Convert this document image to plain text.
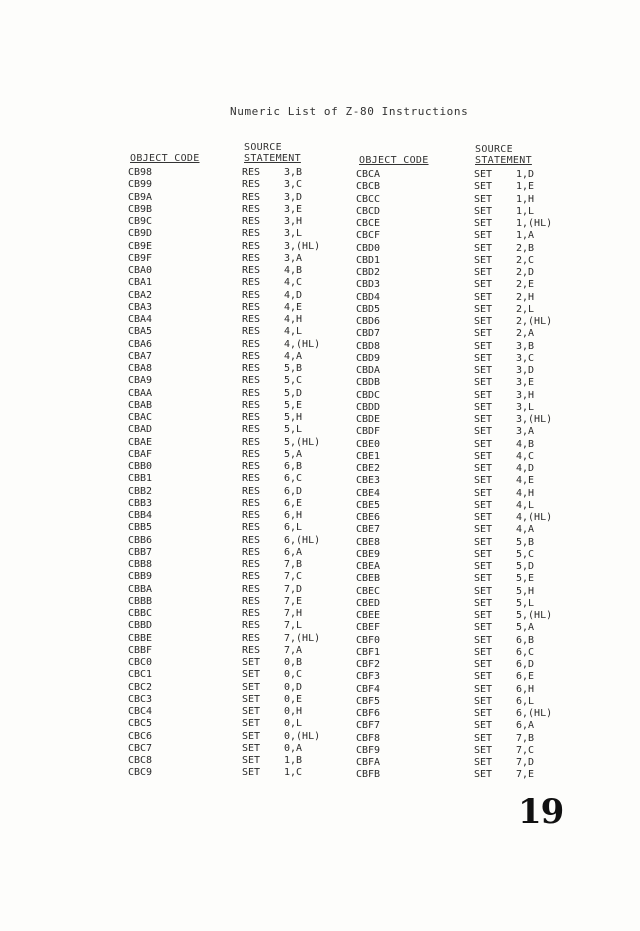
Numeric List of Z-80 Instructions
SOURCE
STATEMENT
OBJECT CODE
SOURCE
STATEMENT
OBJECT CODE
CB98	RES 3,B
CB99	RES 3,C
CB9A	RES 3,D
CB9B	RES 3,E
CB9C	RES 3,H
CB9D	RES 3,L
CB9E	RES 3,(HL)
CB9F	RES 3,A
CBA0	RES 4,B
CBA1	RES 4,C
CBA2	RES 4,D
CBA3	RES 4,E
CBA4	RES 4,H
CBA5	RES 4,L
CBA6	RES 4,(HL)
CBA7	RES 4,A
CBA8	RES 5,B
CBA9	RES 5,C
CBAA	RES 5,D
CBAB	RES 5,E
CBAC	RES 5,H
CBAD	RES 5,L
CBAE	RES 5,(HL)
CBAF	RES 5,A
CBB0	RES 6,B
CBB1	RES 6,C
CBB2	RES 6,D
CBB3	RES 6,E
CBB4	RES 6,H
CBB5	RES 6,L
CBB6	RES 6,(HL)
CBB7	RES 6,A
CBB8	RES 7,B
CBB9	RES 7,C
CBBA	RES 7,D
CBBB	RES 7,E
CBBC	RES 7,H
CBBD	RES 7,L
CBBE	RES 7,(HL)
CBBF	RES 7,A
CBC0	SET 0,B
CBC1	SET 0,C
CBC2	SET 0,D
CBC3	SET 0,E
CBC4	SET 0,H
CBC5	SET 0,L
CBC6	SET 0,(HL)
CBC7	SET 0,A
CBC8	SET 1,B
CBC9	SET 1,C
CBCA	SET 1,D
CBCB	SET 1,E
CBCC	SET 1,H
CBCD	SET 1,L
CBCE	SET 1,(HL)
CBCF	SET 1,A
CBD0	SET 2,B
CBD1	SET 2,C
CBD2	SET 2,D
CBD3	SET 2,E
CBD4	SET 2,H
CBD5	SET 2,L
CBD6	SET 2,(HL)
CBD7	SET 2,A
CBD8	SET 3,B
CBD9	SET 3,C
CBDA	SET 3,D
CBDB	SET 3,E
CBDC	SET 3,H
CBDD	SET 3,L
CBDE	SET 3,(HL)
CBDF	SET 3,A
CBE0	SET 4,B
CBE1	SET 4,C
CBE2	SET 4,D
CBE3	SET 4,E
CBE4	SET 4,H
CBE5	SET 4,L
CBE6	SET 4,(HL)
CBE7	SET 4,A
CBE8	SET 5,B
CBE9	SET 5,C
CBEA	SET 5,D
CBEB	SET 5,E
CBEC	SET 5,H
CBED	SET 5,L
CBEE	SET 5,(HL)
CBEF	SET 5,A
CBF0	SET 6,B
CBF1	SET 6,C
CBF2	SET 6,D
CBF3	SET 6,E
CBF4	SET 6,H
CBF5	SET 6,L
CBF6	SET 6,(HL)
CBF7	SET 6,A
CBF8	SET 7,B
CBF9	SET 7,C
CBFA	SET 7,D
CBFB	SET 7,E
19
